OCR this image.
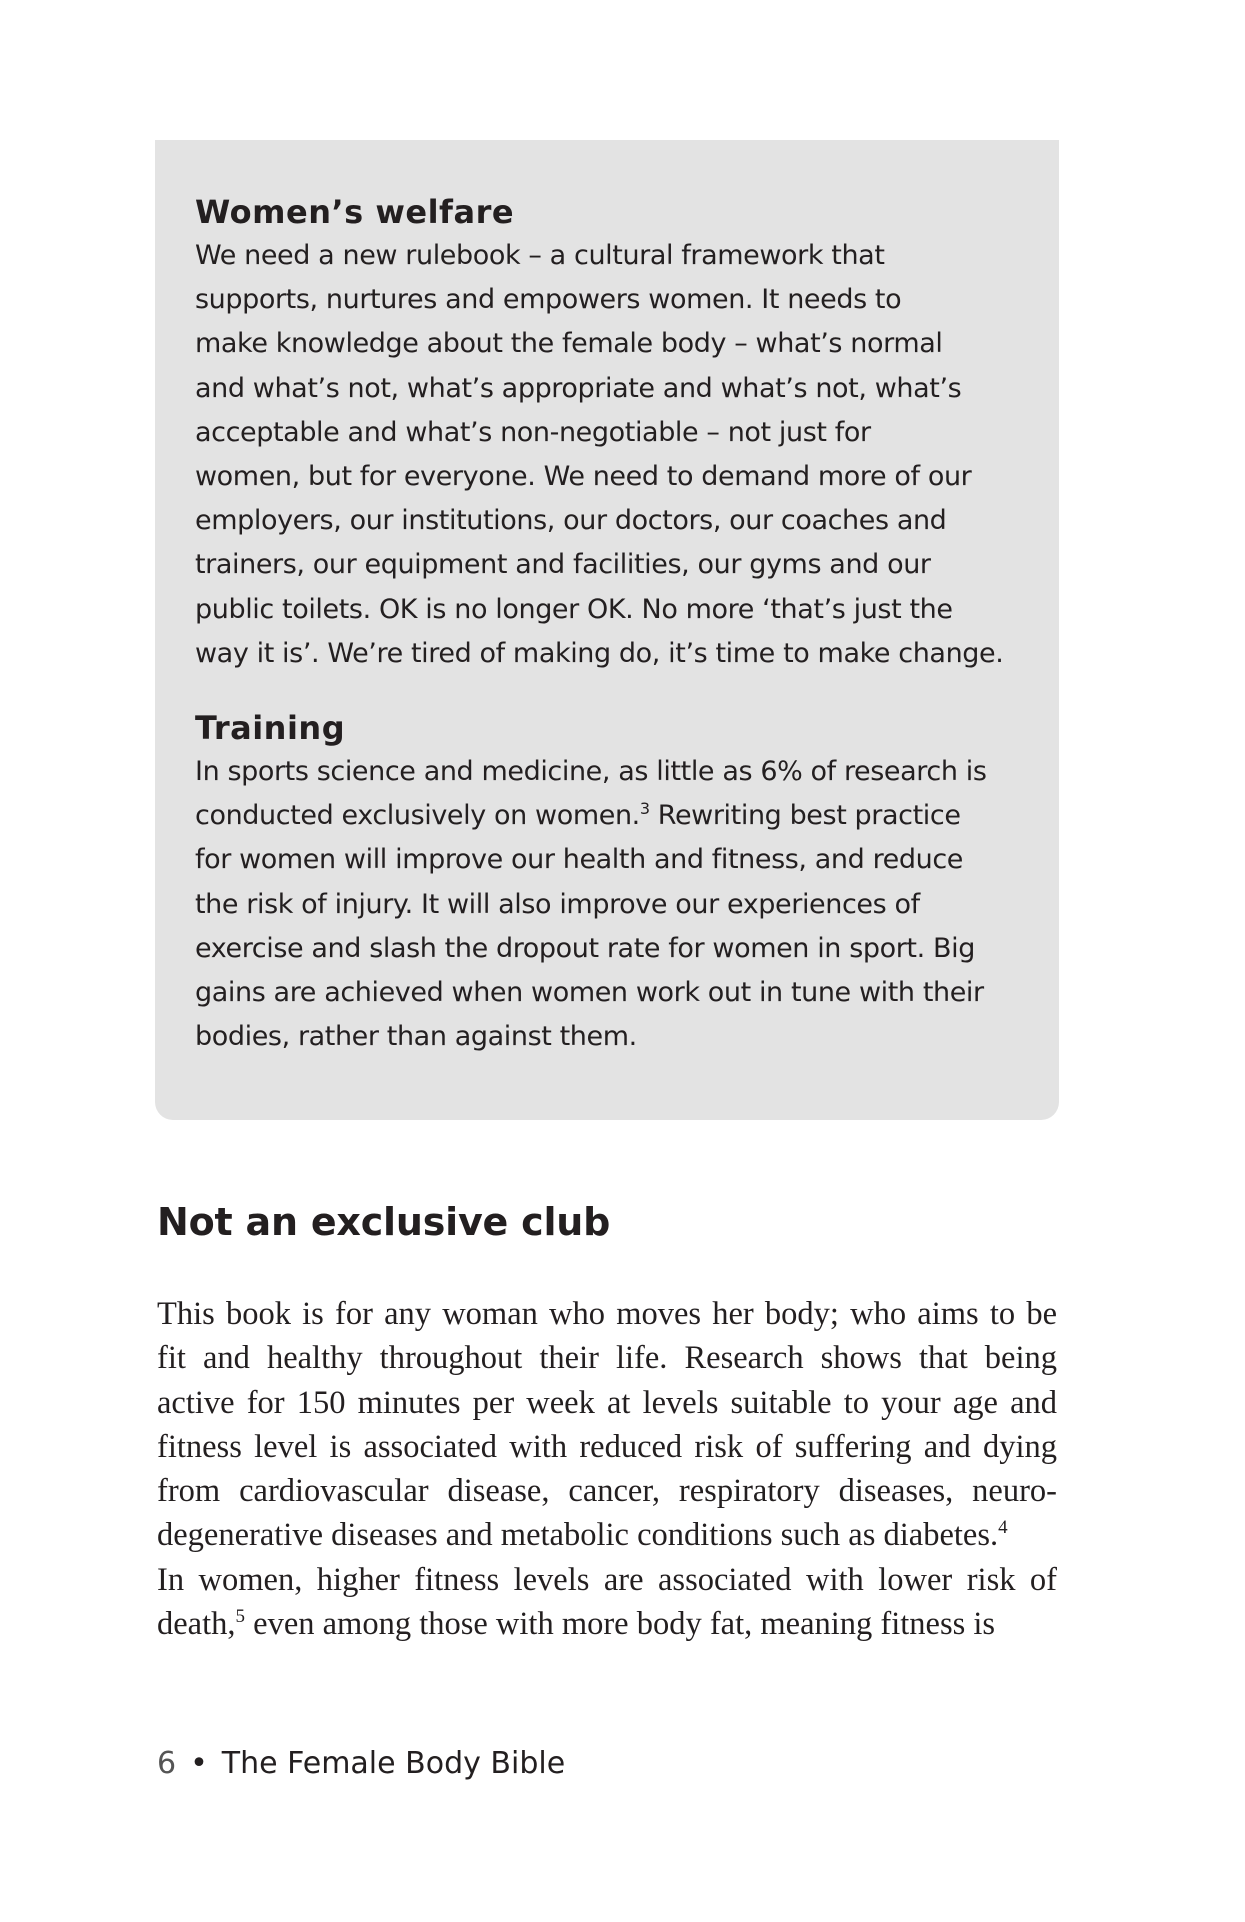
Women’s welfare

We need a new rulebook – a cultural framework that
supports, nurtures and empowers women. It needs to
make knowledge about the female body – what’s normal
and what’s not, what’s appropriate and what’s not, what’s
acceptable and what’s non-negotiable – not just for
women, but for everyone. We need to demand more of our
employers, our institutions, our doctors, our coaches and
trainers, our equipment and facilities, our gyms and our
public toilets. OK is no longer OK. No more ‘that’s just the
way it is’. We’re tired of making do, it’s time to make change.

Training

In sports science and medicine, as little as 6% of research is
conducted exclusively on women.$^3$ Rewriting best practice
for women will improve our health and fitness, and reduce
the risk of injury. It will also improve our experiences of
exercise and slash the dropout rate for women in sport. Big
gains are achieved when women work out in tune with their
bodies, rather than against them.

Not an exclusive club

This book is for any woman who moves her body; who aims to be
fit and healthy throughout their life. Research shows that being
active for 150 minutes per week at levels suitable to your age and
fitness level is associated with reduced risk of suffering and dying
from cardiovascular disease, cancer, respiratory diseases, neuro-
degenerative diseases and metabolic conditions such as diabetes.$^4$
In women, higher fitness levels are associated with lower risk of
death,$^5$ even among those with more body fat, meaning fitness is

6 • The Female Body Bible
